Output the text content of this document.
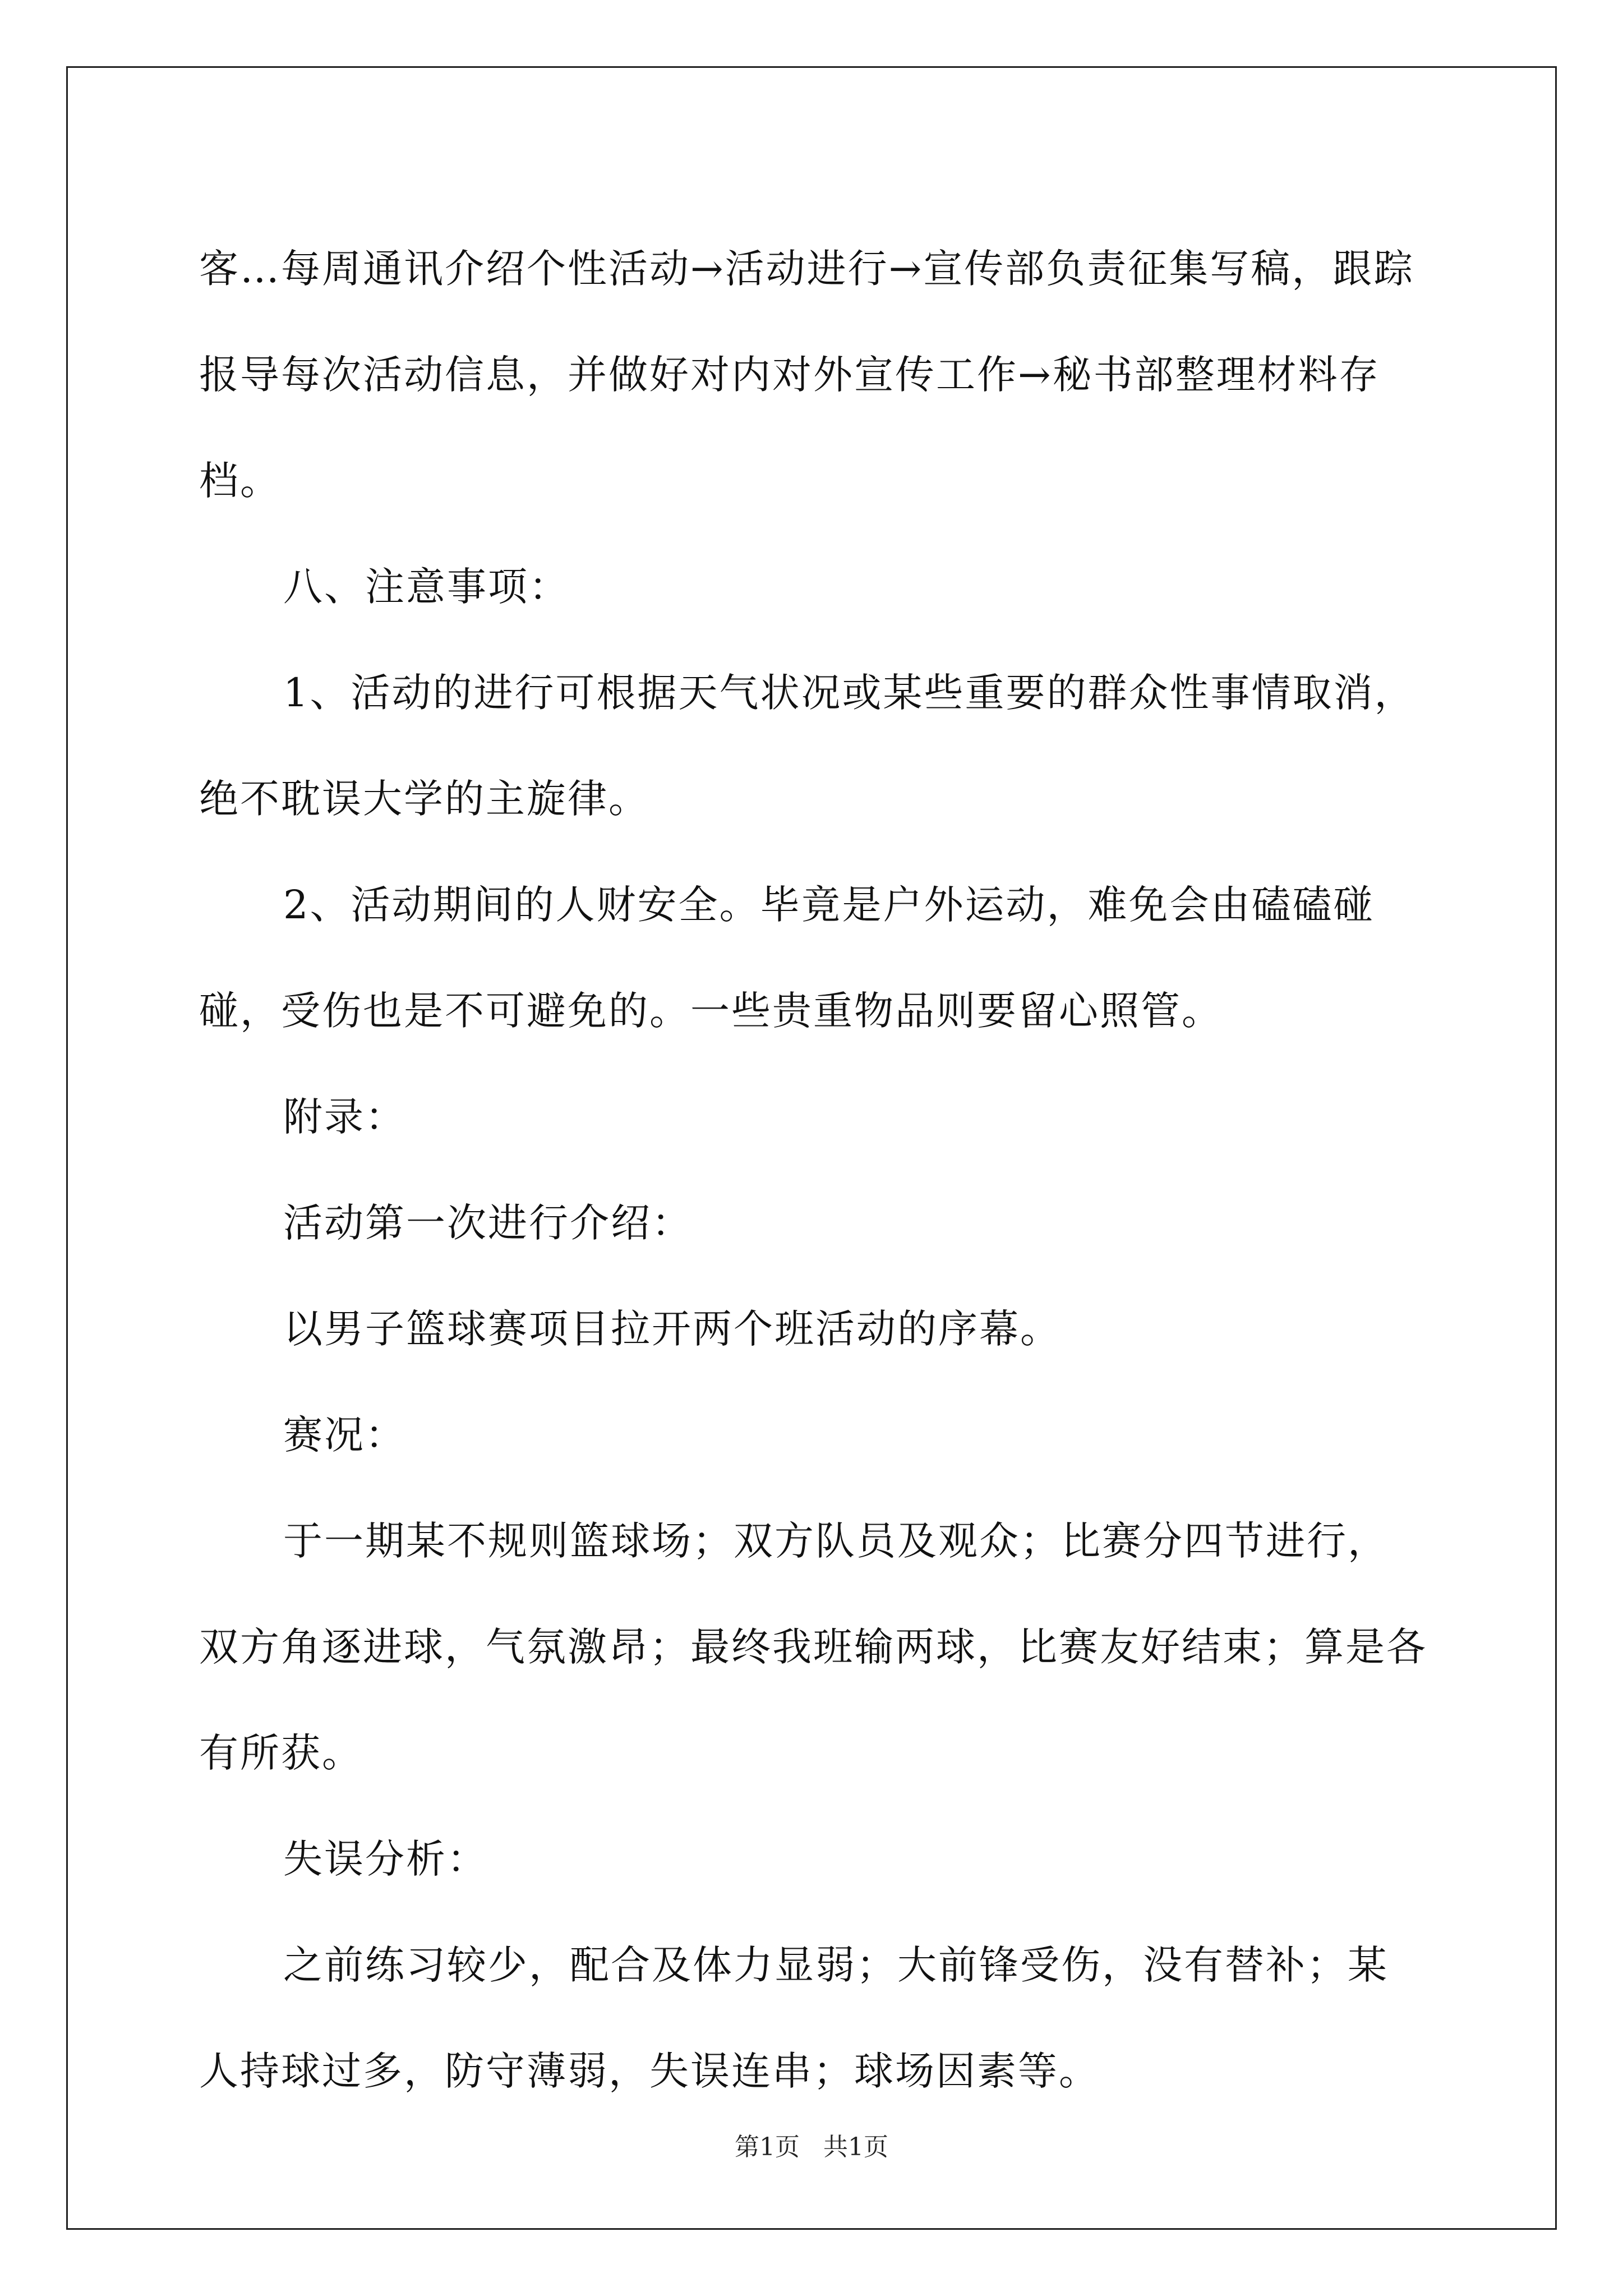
客…每周通讯介绍个性活动→活动进行→宣传部负责征集写稿，跟踪报导每次活动信息，并做好对内对外宣传工作→秘书部整理材料存档。

八、注意事项：

1、活动的进行可根据天气状况或某些重要的群众性事情取消，绝不耽误大学的主旋律。

2、活动期间的人财安全。毕竟是户外运动，难免会由磕磕碰碰，受伤也是不可避免的。一些贵重物品则要留心照管。

附录：

活动第一次进行介绍：

以男子篮球赛项目拉开两个班活动的序幕。

赛况：

于一期某不规则篮球场；双方队员及观众；比赛分四节进行，双方角逐进球，气氛激昂；最终我班输两球，比赛友好结束；算是各有所获。

失误分析：

之前练习较少，配合及体力显弱；大前锋受伤，没有替补；某人持球过多，防守薄弱，失误连串；球场因素等。

第1页 共1页
